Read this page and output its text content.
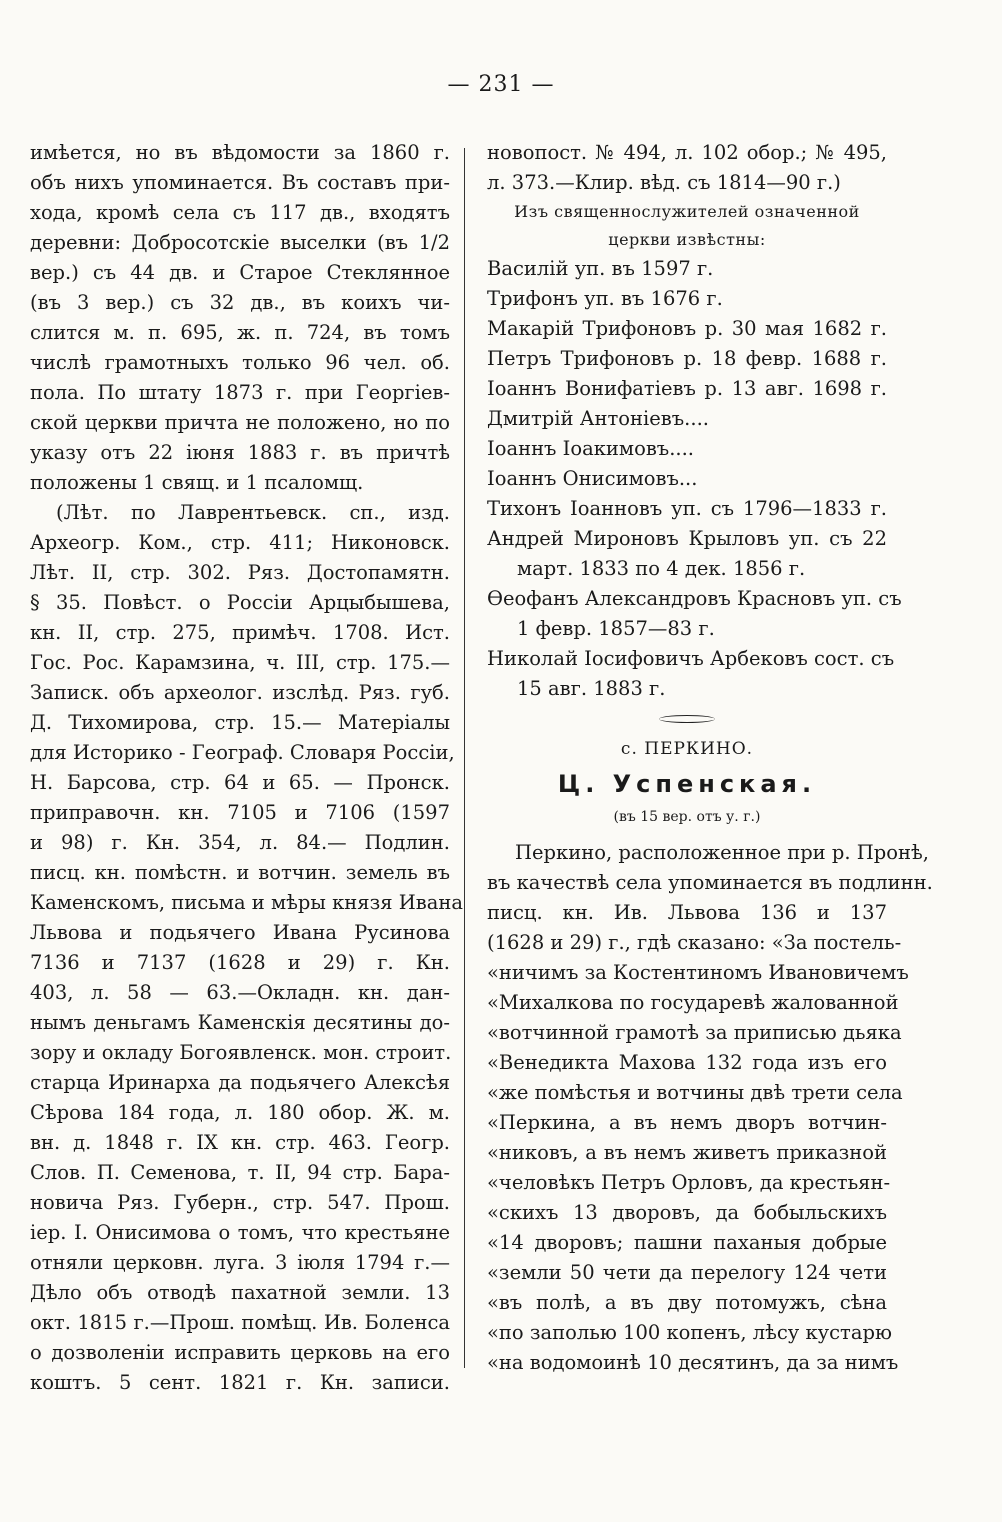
— 231 —
имѣется, но въ вѣдомости за 1860 г.
объ нихъ упоминается. Въ составъ при-
хода, кромѣ села съ 117 дв., входятъ
деревни: Добросотскіе выселки (въ 1/2
вер.) съ 44 дв. и Старое Стеклянное
(въ 3 вер.) съ 32 дв., въ коихъ чи-
слится м. п. 695, ж. п. 724, въ томъ
числѣ грамотныхъ только 96 чел. об.
пола. По штату 1873 г. при Георгіев-
ской церкви причта не положено, но по
указу отъ 22 іюня 1883 г. въ причтѣ
положены 1 свящ. и 1 псаломщ.
(Лѣт. по Лаврентьевск. сп., изд.
Археогр. Ком., стр. 411; Никоновск.
Лѣт. II, стр. 302. Ряз. Достопамятн.
§ 35. Повѣст. о Россіи Арцыбышева,
кн. II, стр. 275, примѣч. 1708. Ист.
Гос. Рос. Карамзина, ч. III, стр. 175.—
Записк. объ археолог. изслѣд. Ряз. губ.
Д. Тихомирова, стр. 15.— Матеріалы
для Историко - Географ. Словаря Россіи,
Н. Барсова, стр. 64 и 65. — Пронск.
приправочн. кн. 7105 и 7106 (1597
и 98) г. Кн. 354, л. 84.— Подлин.
писц. кн. помѣстн. и вотчин. земель въ
Каменскомъ, письма и мѣры князя Ивана
Львова и подьячего Ивана Русинова
7136 и 7137 (1628 и 29) г. Кн.
403, л. 58 — 63.—Окладн. кн. дан-
нымъ деньгамъ Каменскія десятины до-
зору и окладу Богоявленск. мон. строит.
старца Иринарха да подьячего Алексѣя
Сѣрова 184 года, л. 180 обор. Ж. м.
вн. д. 1848 г. IX кн. стр. 463. Геогр.
Слов. П. Семенова, т. II, 94 стр. Бара-
новича Ряз. Губерн., стр. 547. Прош.
іер. I. Онисимова о томъ, что крестьяне
отняли церковн. луга. 3 іюля 1794 г.—
Дѣло объ отводѣ пахатной земли. 13
окт. 1815 г.—Прош. помѣщ. Ив. Боленса
о дозволеніи исправить церковь на его
коштъ. 5 сент. 1821 г. Кн. записи.
новопост. № 494, л. 102 обор.; № 495,
л. 373.—Клир. вѣд. съ 1814—90 г.)
Изъ священнослужителей означенной
церкви извѣстны:
Василій уп. въ 1597 г.
Трифонъ уп. въ 1676 г.
Макарій Трифоновъ р. 30 мая 1682 г.
Петръ Трифоновъ р. 18 февр. 1688 г.
Іоаннъ Вонифатіевъ р. 13 авг. 1698 г.
Дмитрій Антоніевъ....
Іоаннъ Іоакимовъ....
Іоаннъ Онисимовъ...
Тихонъ Іоанновъ уп. съ 1796—1833 г.
Андрей Мироновъ Крыловъ уп. съ 22
март. 1833 по 4 дек. 1856 г.
Ѳеофанъ Александровъ Красновъ уп. съ
1 февр. 1857—83 г.
Николай Іосифовичъ Арбековъ сост. съ
15 авг. 1883 г.
с. ПЕРКИНО.
Ц. Успенская.
(въ 15 вер. отъ у. г.)
Перкино, расположенное при р. Пронѣ,
въ качествѣ села упоминается въ подлинн.
писц. кн. Ив. Львова 136 и 137
(1628 и 29) г., гдѣ сказано: «За постель-
«ничимъ за Костентиномъ Ивановичемъ
«Михалкова по государевѣ жалованной
«вотчинной грамотѣ за приписью дьяка
«Венедикта Махова 132 года изъ его
«же помѣстья и вотчины двѣ трети села
«Перкина, а въ немъ дворъ вотчин-
«никовъ, а въ немъ живетъ приказной
«человѣкъ Петръ Орловъ, да крестьян-
«скихъ 13 дворовъ, да бобыльскихъ
«14 дворовъ; пашни паханыя добрые
«земли 50 чети да перелогу 124 чети
«въ полѣ, а въ дву потомужъ, сѣна
«по заполью 100 копенъ, лѣсу кустарю
«на водомоинѣ 10 десятинъ, да за нимъ
